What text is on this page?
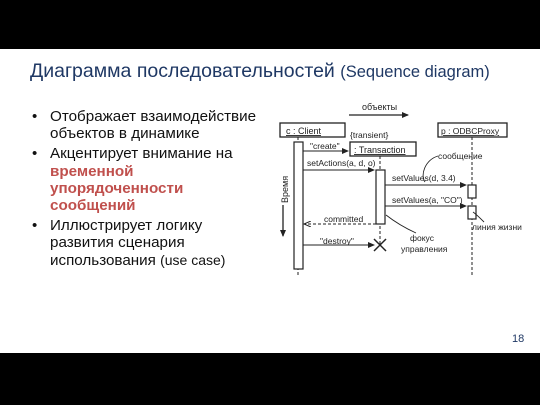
Диаграмма последовательностей (Sequence diagram)
• Отображает взаимодействие объектов в динамике
• Акцентирует внимание на временной упорядоченности сообщений
• Иллюстрирует логику развития сценария использования (use case)
объекты
c : Client	p : ODBCProxy
{transient}
: Transaction
Время
"create"
setActions(a, d, o)
setValues(d, 3.4)
setValues(a, "CO")
committed
"destroy"
сообщение
фокус
управления
линия жизни
18
